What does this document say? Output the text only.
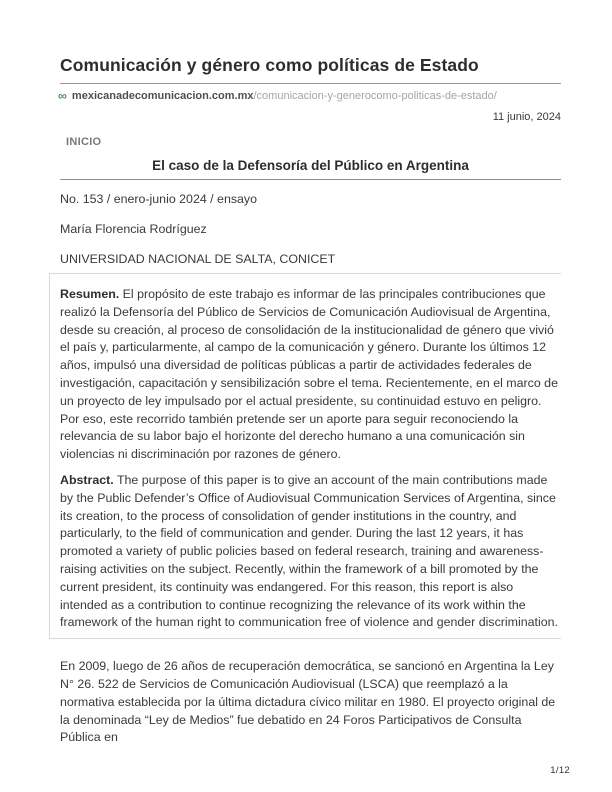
Comunicación y género como políticas de Estado
∞ mexicanadecomunicacion.com.mx /comunicacion-y-generocomo-politicas-de-estado/
11 junio, 2024
INICIO
El caso de la Defensoría del Público en Argentina

No. 153 / enero-junio 2024 / ensayo

María Florencia Rodríguez

UNIVERSIDAD NACIONAL DE SALTA, CONICET

Resumen. El propósito de este trabajo es informar de las principales contribuciones que realizó la Defensoría del Público de Servicios de Comunicación Audiovisual de Argentina, desde su creación, al proceso de consolidación de la institucionalidad de género que vivió el país y, particularmente, al campo de la comunicación y género. Durante los últimos 12 años, impulsó una diversidad de políticas públicas a partir de actividades federales de investigación, capacitación y sensibilización sobre el tema. Recientemente, en el marco de un proyecto de ley impulsado por el actual presidente, su continuidad estuvo en peligro. Por eso, este recorrido también pretende ser un aporte para seguir reconociendo la relevancia de su labor bajo el horizonte del derecho humano a una comunicación sin violencias ni discriminación por razones de género.

Abstract. The purpose of this paper is to give an account of the main contributions made by the Public Defender’s Office of Audiovisual Communication Services of Argentina, since its creation, to the process of consolidation of gender institutions in the country, and particularly, to the field of communication and gender. During the last 12 years, it has promoted a variety of public policies based on federal research, training and awareness-raising activities on the subject. Recently, within the framework of a bill promoted by the current president, its continuity was endangered. For this reason, this report is also intended as a contribution to continue recognizing the relevance of its work within the framework of the human right to communication free of violence and gender discrimination.

En 2009, luego de 26 años de recuperación democrática, se sancionó en Argentina la Ley N° 26. 522 de Servicios de Comunicación Audiovisual (LSCA) que reemplazó a la normativa establecida por la última dictadura cívico militar en 1980. El proyecto original de la denominada “Ley de Medios” fue debatido en 24 Foros Participativos de Consulta Pública en

1/12
